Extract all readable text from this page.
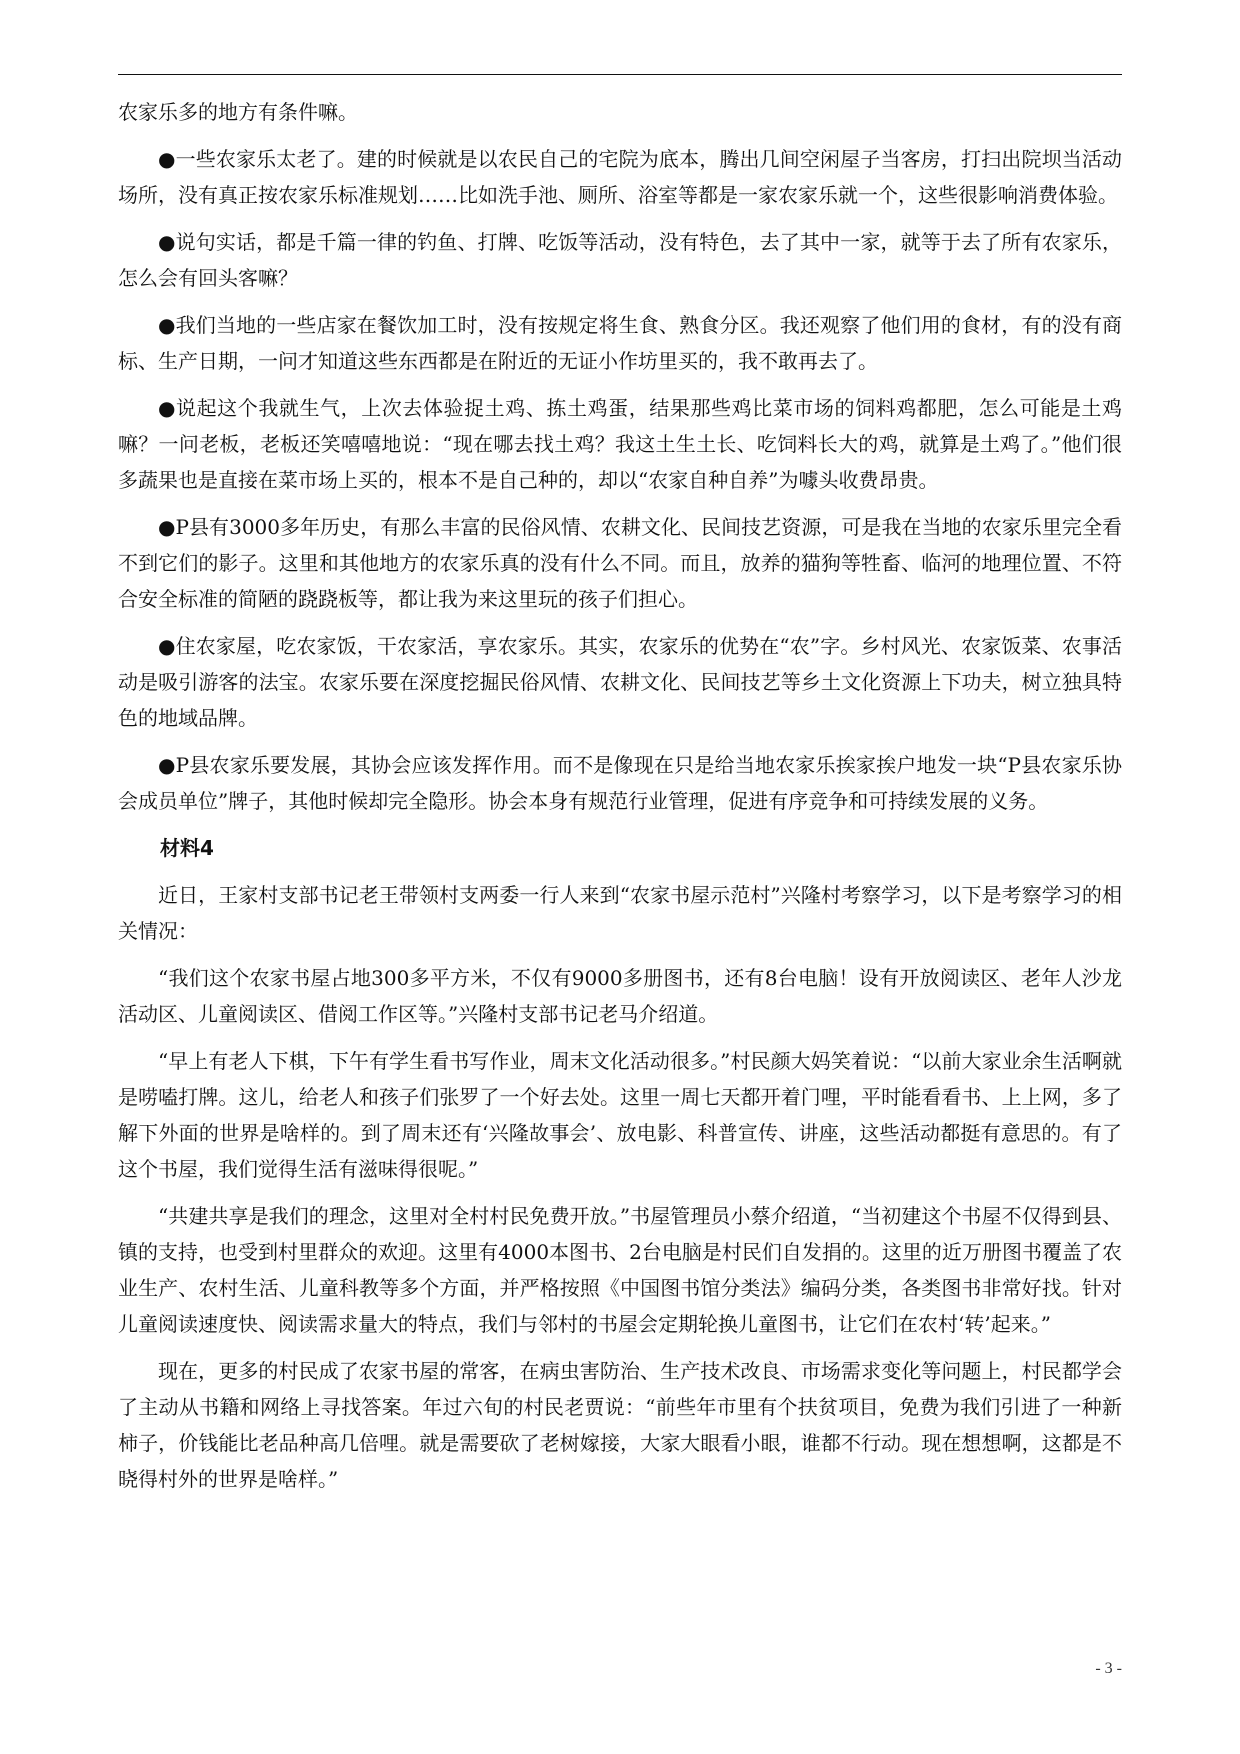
农家乐多的地方有条件嘛。

●一些农家乐太老了。建的时候就是以农民自己的宅院为底本，腾出几间空闲屋子当客房，打扫出院坝当活动场所，没有真正按农家乐标准规划……比如洗手池、厕所、浴室等都是一家农家乐就一个，这些很影响消费体验。

●说句实话，都是千篇一律的钓鱼、打牌、吃饭等活动，没有特色，去了其中一家，就等于去了所有农家乐，怎么会有回头客嘛？

●我们当地的一些店家在餐饮加工时，没有按规定将生食、熟食分区。我还观察了他们用的食材，有的没有商标、生产日期，一问才知道这些东西都是在附近的无证小作坊里买的，我不敢再去了。

●说起这个我就生气，上次去体验捉土鸡、拣土鸡蛋，结果那些鸡比菜市场的饲料鸡都肥，怎么可能是土鸡嘛？一问老板，老板还笑嘻嘻地说：“现在哪去找土鸡？我这土生土长、吃饲料长大的鸡，就算是土鸡了。”他们很多蔬果也是直接在菜市场上买的，根本不是自己种的，却以“农家自种自养”为噱头收费昂贵。

●P县有3000多年历史，有那么丰富的民俗风情、农耕文化、民间技艺资源，可是我在当地的农家乐里完全看不到它们的影子。这里和其他地方的农家乐真的没有什么不同。而且，放养的猫狗等牲畜、临河的地理位置、不符合安全标准的简陋的跷跷板等，都让我为来这里玩的孩子们担心。

●住农家屋，吃农家饭，干农家活，享农家乐。其实，农家乐的优势在“农”字。乡村风光、农家饭菜、农事活动是吸引游客的法宝。农家乐要在深度挖掘民俗风情、农耕文化、民间技艺等乡土文化资源上下功夫，树立独具特色的地域品牌。

●P县农家乐要发展，其协会应该发挥作用。而不是像现在只是给当地农家乐挨家挨户地发一块“P县农家乐协会成员单位”牌子，其他时候却完全隐形。协会本身有规范行业管理，促进有序竞争和可持续发展的义务。

材料4

近日，王家村支部书记老王带领村支两委一行人来到“农家书屋示范村”兴隆村考察学习，以下是考察学习的相关情况：

“我们这个农家书屋占地300多平方米，不仅有9000多册图书，还有8台电脑！设有开放阅读区、老年人沙龙活动区、儿童阅读区、借阅工作区等。”兴隆村支部书记老马介绍道。

“早上有老人下棋，下午有学生看书写作业，周末文化活动很多。”村民颜大妈笑着说：“以前大家业余生活啊就是唠嗑打牌。这儿，给老人和孩子们张罗了一个好去处。这里一周七天都开着门哩，平时能看看书、上上网，多了解下外面的世界是啥样的。到了周末还有‘兴隆故事会’、放电影、科普宣传、讲座，这些活动都挺有意思的。有了这个书屋，我们觉得生活有滋味得很呢。”

“共建共享是我们的理念，这里对全村村民免费开放。”书屋管理员小蔡介绍道，“当初建这个书屋不仅得到县、镇的支持，也受到村里群众的欢迎。这里有4000本图书、2台电脑是村民们自发捐的。这里的近万册图书覆盖了农业生产、农村生活、儿童科教等多个方面，并严格按照《中国图书馆分类法》编码分类，各类图书非常好找。针对儿童阅读速度快、阅读需求量大的特点，我们与邻村的书屋会定期轮换儿童图书，让它们在农村‘转’起来。”

现在，更多的村民成了农家书屋的常客，在病虫害防治、生产技术改良、市场需求变化等问题上，村民都学会了主动从书籍和网络上寻找答案。年过六旬的村民老贾说：“前些年市里有个扶贫项目，免费为我们引进了一种新柿子，价钱能比老品种高几倍哩。就是需要砍了老树嫁接，大家大眼看小眼，谁都不行动。现在想想啊，这都是不晓得村外的世界是啥样。”

- 3 -
